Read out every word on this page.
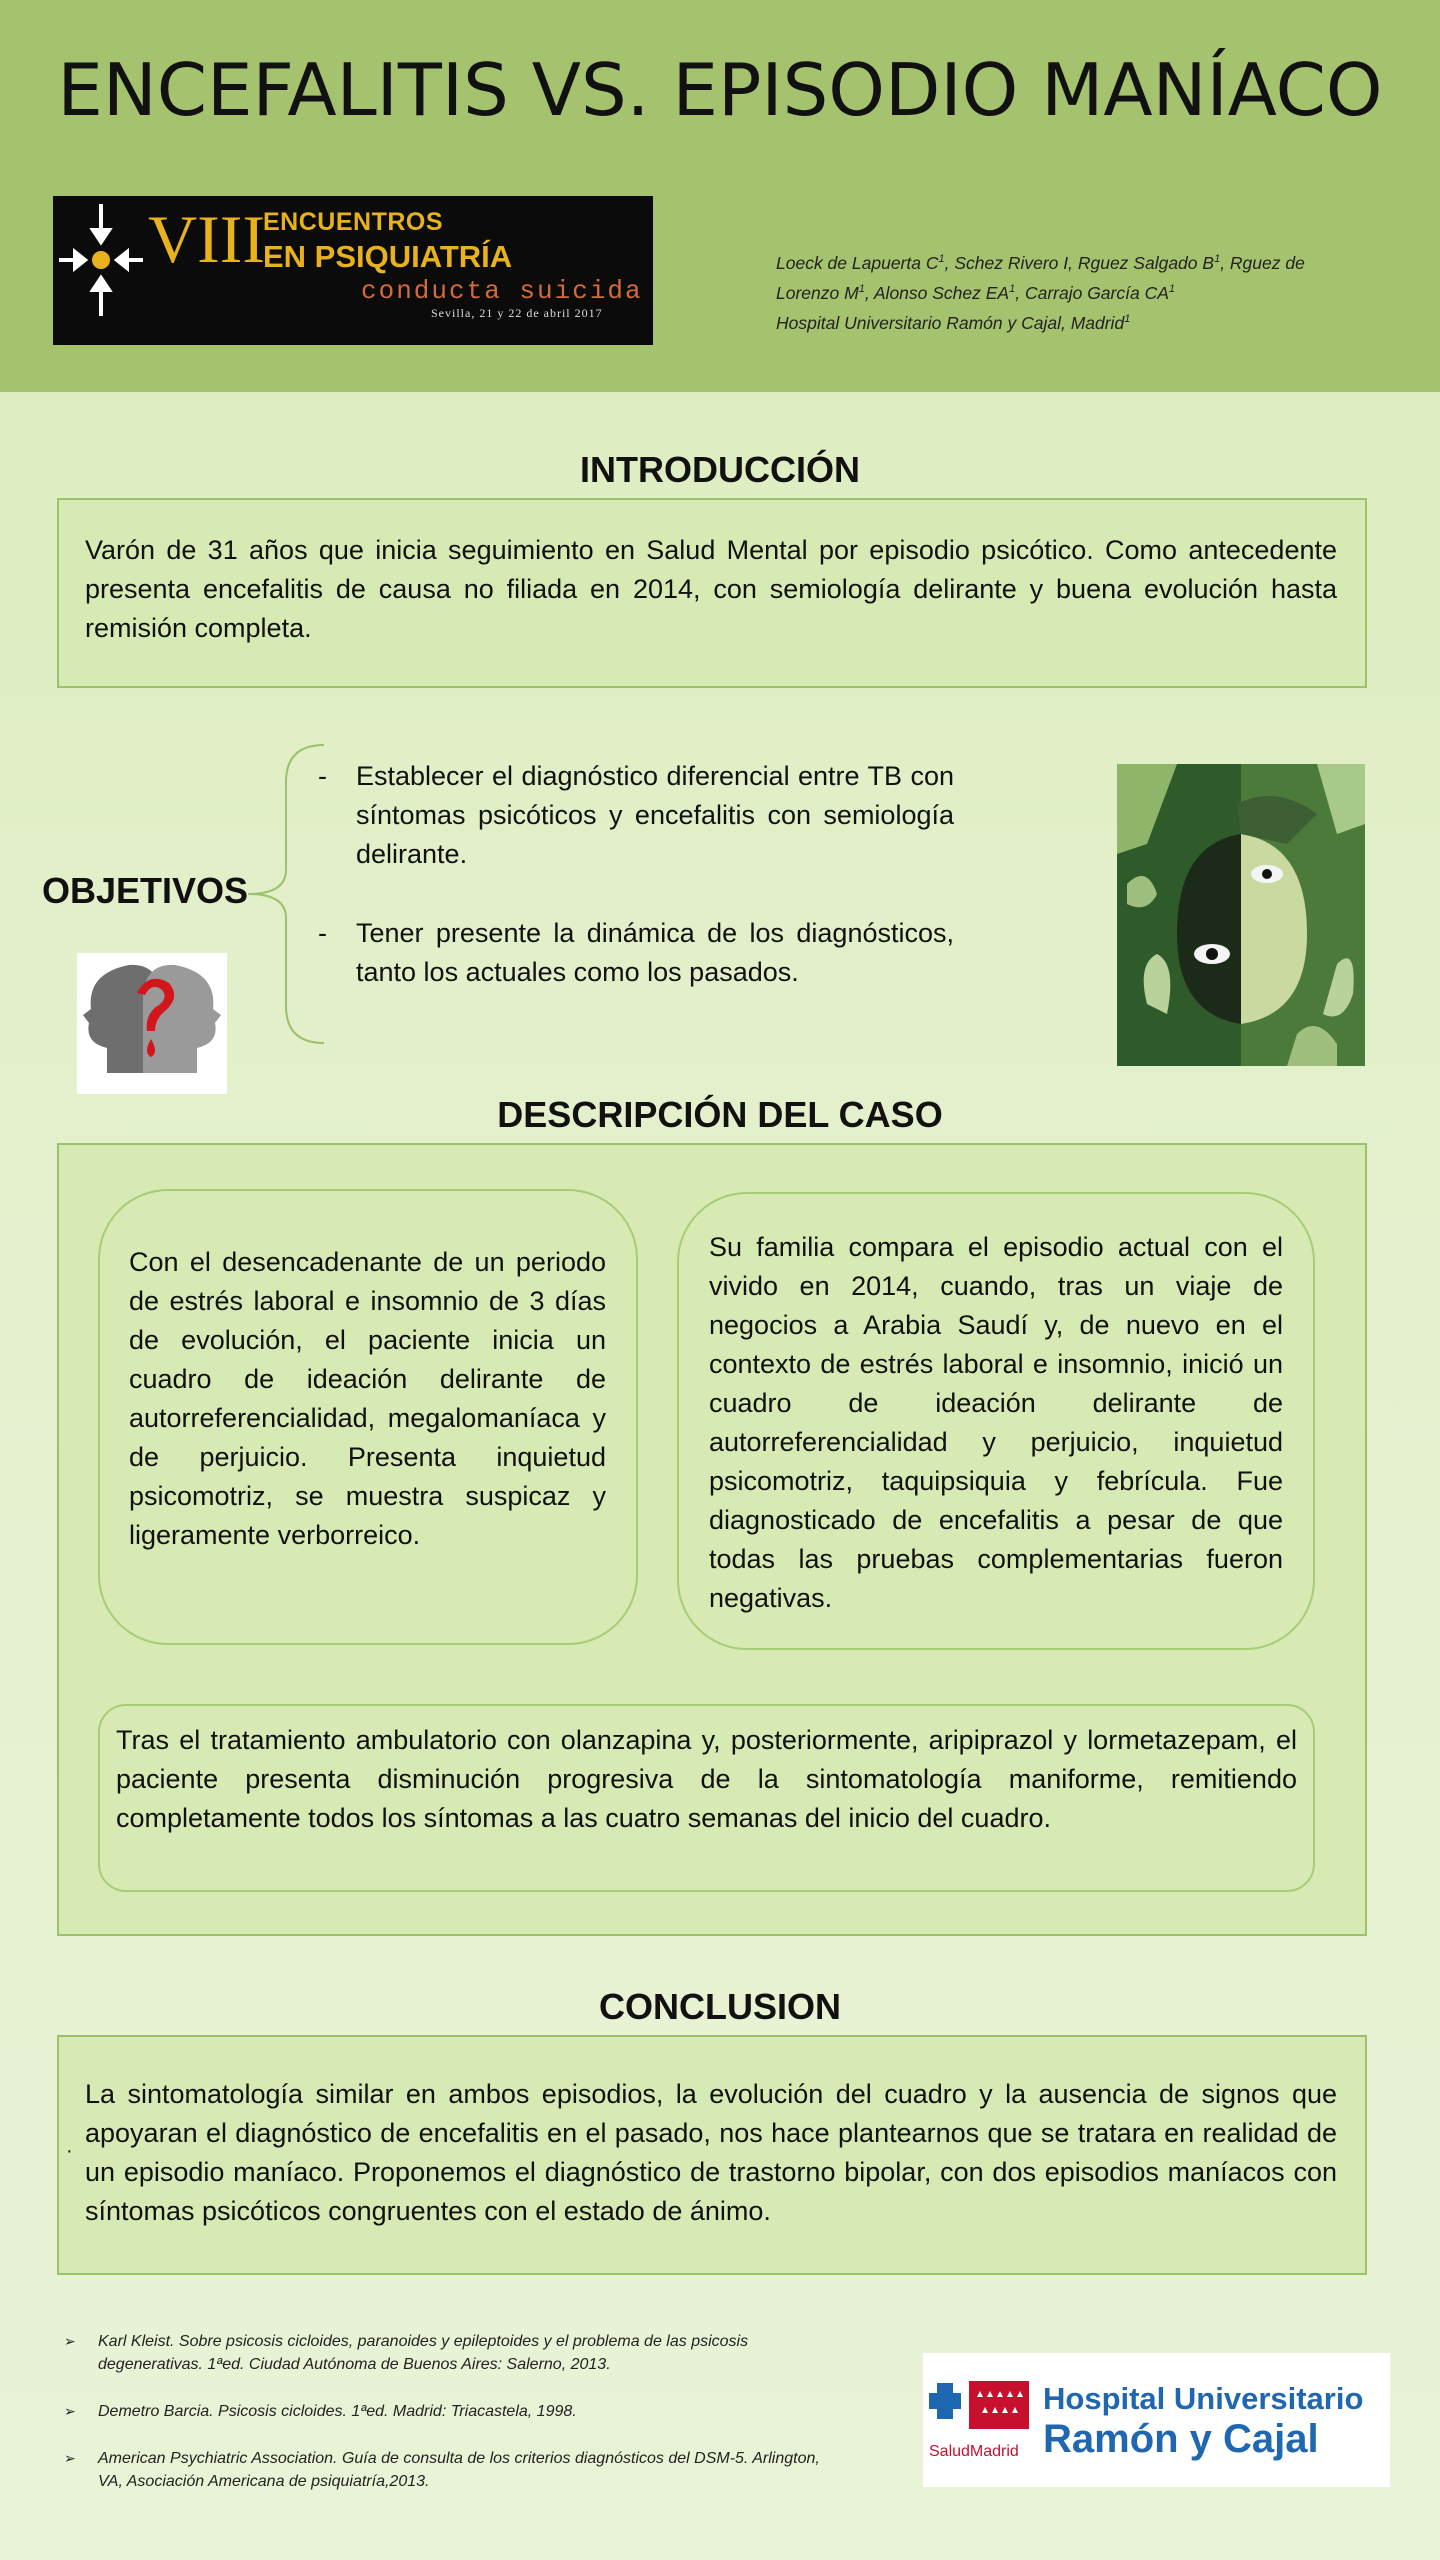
ENCEFALITIS VS. EPISODIO MANÍACO
VIII
ENCUENTROS
EN PSIQUIATRÍA
conducta suicida
Sevilla, 21 y 22 de abril 2017
Loeck de Lapuerta $C^1$, Schez Rivero I, Rguez Salgado $B^1$, Rguez de
Lorenzo $M^1$, Alonso Schez $EA^1$, Carrajo García $CA^1$
Hospital Universitario Ramón y Cajal, Madrid$^1$
INTRODUCCIÓN
Varón de 31 años que inicia seguimiento en Salud Mental por episodio psicótico. Como antecedente presenta encefalitis de causa no filiada en 2014, con semiología delirante y buena evolución hasta remisión completa.
OBJETIVOS
- Establecer el diagnóstico diferencial entre TB con síntomas psicóticos y encefalitis con semiología delirante.
- Tener presente la dinámica de los diagnósticos, tanto los actuales como los pasados.
DESCRIPCIÓN DEL CASO
Con el desencadenante de un periodo de estrés laboral e insomnio de 3 días de evolución, el paciente inicia un cuadro de ideación delirante de autorreferencialidad, megalomaníaca y de perjuicio. Presenta inquietud psicomotriz, se muestra suspicaz y ligeramente verborreico.
Su familia compara el episodio actual con el vivido en 2014, cuando, tras un viaje de negocios a Arabia Saudí y, de nuevo en el contexto de estrés laboral e insomnio, inició un cuadro de ideación delirante de autorreferencialidad y perjuicio, inquietud psicomotriz, taquipsiquia y febrícula. Fue diagnosticado de encefalitis a pesar de que todas las pruebas complementarias fueron negativas.
Tras el tratamiento ambulatorio con olanzapina y, posteriormente, aripiprazol y lormetazepam, el paciente presenta disminución progresiva de la sintomatología maniforme, remitiendo completamente todos los síntomas a las cuatro semanas del inicio del cuadro.
CONCLUSION
·
La sintomatología similar en ambos episodios, la evolución del cuadro y la ausencia de signos que apoyaran el diagnóstico de encefalitis en el pasado, nos hace plantearnos que se tratara en realidad de un episodio maníaco. Proponemos el diagnóstico de trastorno bipolar, con dos episodios maníacos con síntomas psicóticos congruentes con el estado de ánimo.
➢ Karl Kleist. Sobre psicosis cicloides, paranoides y epileptoides y el problema de las psicosis degenerativas. 1ªed. Ciudad Autónoma de Buenos Aires: Salerno, 2013.
➢ Demetro Barcia. Psicosis cicloides. 1ªed. Madrid: Triacastela, 1998.
➢ American Psychiatric Association. Guía de consulta de los criterios diagnósticos del DSM-5. Arlington, VA, Asociación Americana de psiquiatría,2013.
SaludMadrid
Hospital Universitario
Ramón y Cajal
